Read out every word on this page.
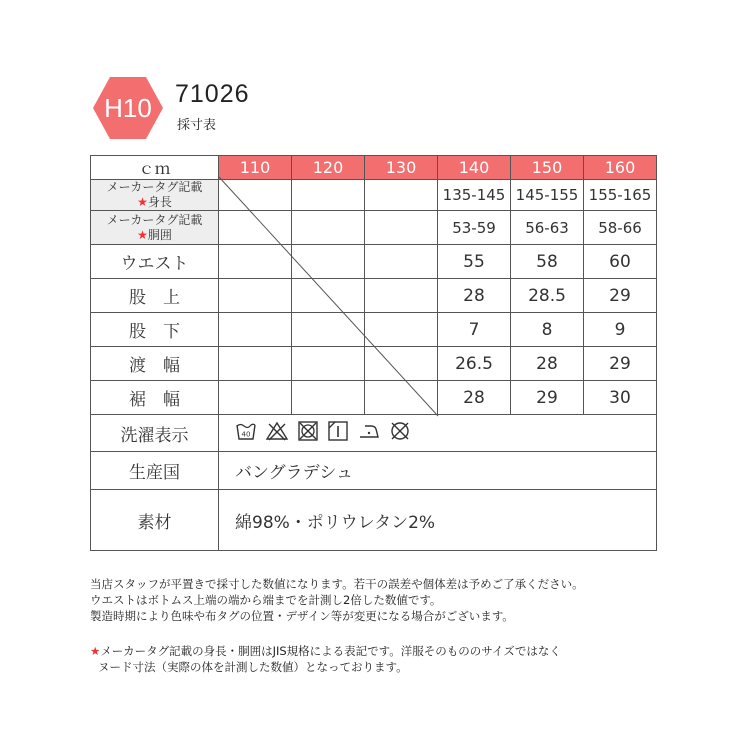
H10 71026
採寸表
ｃｍ	110	120	130	140	150	160

メーカータグ記載
★身長				135-145	145-155	155-165

メーカータグ記載
★胴囲				53-59	56-63	58-66
ウエスト				55	58	60
股　上				28	28.5	29
股　下				7	8	9
渡　幅				26.5	28	29
裾　幅				28	29	30
洗濯表示	40					

生産国	バングラデシュ					
素材	綿98%・ポリウレタン2%					

当店スタッフが平置きで採寸した数値になります。若干の誤差や個体差は予めご了承ください。

ウエストはボトムス上端の端から端までを計測し2倍した数値です。

製造時期により色味や布タグの位置・デザイン等が変更になる場合がございます。

★メーカータグ記載の身長・胴囲はJIS規格による表記です。洋服そのもののサイズではなく

ヌード寸法（実際の体を計測した数値）となっております。
